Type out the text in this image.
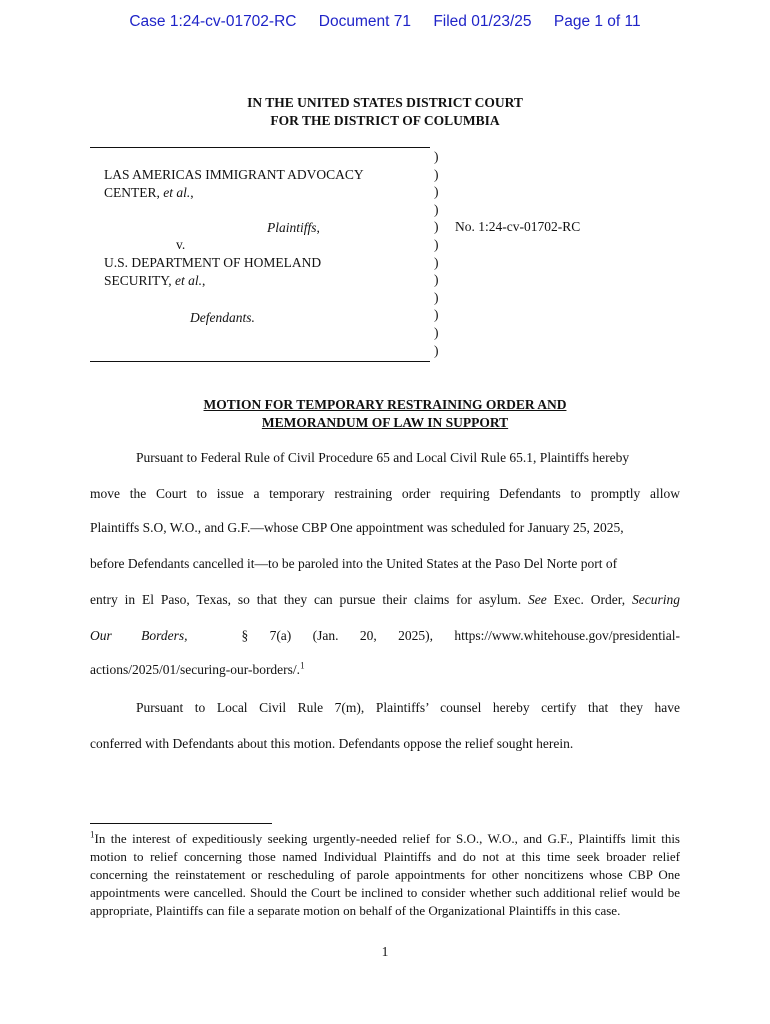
Case 1:24-cv-01702-RC Document 71 Filed 01/23/25 Page 1 of 11
IN THE UNITED STATES DISTRICT COURT
FOR THE DISTRICT OF COLUMBIA
)
)
)
)
)
)
)
)
)
)
)
)
LAS AMERICAS IMMIGRANT ADVOCACY
CENTER, et al.,
Plaintiffs,
v.
U.S. DEPARTMENT OF HOMELAND
SECURITY, et al.,
Defendants.
No. 1:24-cv-01702-RC
MOTION FOR TEMPORARY RESTRAINING ORDER AND
MEMORANDUM OF LAW IN SUPPORT
Pursuant to Federal Rule of Civil Procedure 65 and Local Civil Rule 65.1, Plaintiffs hereby
move the Court to issue a temporary restraining order requiring Defendants to promptly allow
Plaintiffs S.O, W.O., and G.F.—whose CBP One appointment was scheduled for January 25, 2025,
before Defendants cancelled it—to be paroled into the United States at the Paso Del Norte port of
entry in El Paso, Texas, so that they can pursue their claims for asylum. See Exec. Order, Securing
Our Borders,	§ 7(a) (Jan. 20, 2025), https://www.whitehouse.gov/presidential-
actions/2025/01/securing-our-borders/.$^1$
Pursuant to Local Civil Rule 7(m), Plaintiffs’ counsel hereby certify that they have
conferred with Defendants about this motion. Defendants oppose the relief sought herein.
$^1$In the interest of expeditiously seeking urgently-needed relief for S.O., W.O., and G.F., Plaintiffs limit this motion to relief concerning those named Individual Plaintiffs and do not at this time seek broader relief concerning the reinstatement or rescheduling of parole appointments for other noncitizens whose CBP One appointments were cancelled. Should the Court be inclined to consider whether such additional relief would be appropriate, Plaintiffs can file a separate motion on behalf of the Organizational Plaintiffs in this case.
1
